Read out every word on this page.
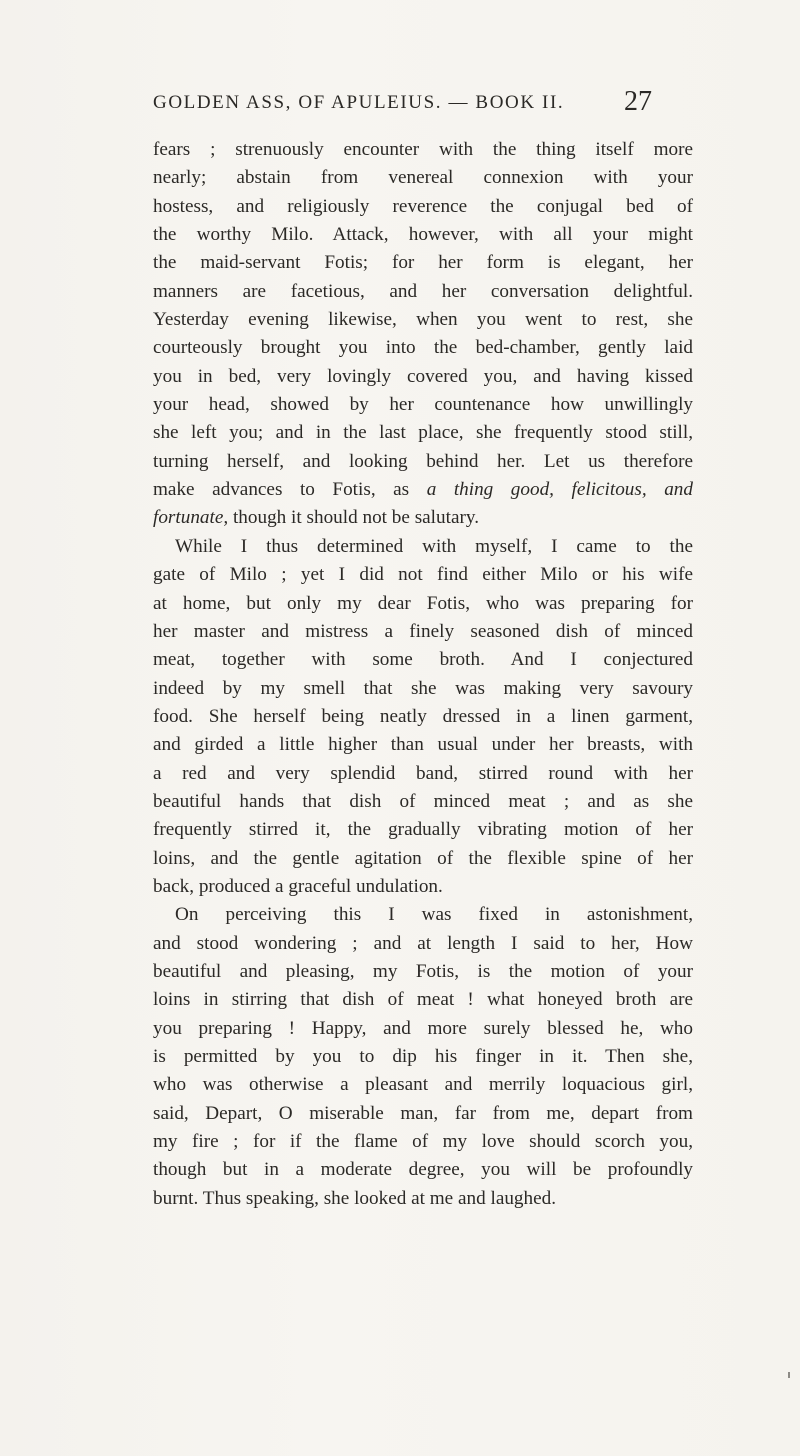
GOLDEN ASS, OF APULEIUS. — BOOK II. 27
fears ; strenuously encounter with the thing itself more
nearly; abstain from venereal connexion with your
hostess, and religiously reverence the conjugal bed of
the worthy Milo. Attack, however, with all your might
the maid-servant Fotis; for her form is elegant, her
manners are facetious, and her conversation delightful.
Yesterday evening likewise, when you went to rest, she
courteously brought you into the bed-chamber, gently laid
you in bed, very lovingly covered you, and having kissed
your head, showed by her countenance how unwillingly
she left you; and in the last place, she frequently stood still,
turning herself, and looking behind her. Let us therefore
make advances to Fotis, as a thing good, felicitous, and
fortunate, though it should not be salutary.
While I thus determined with myself, I came to the
gate of Milo ; yet I did not find either Milo or his wife
at home, but only my dear Fotis, who was preparing for
her master and mistress a finely seasoned dish of minced
meat, together with some broth. And I conjectured
indeed by my smell that she was making very savoury
food. She herself being neatly dressed in a linen garment,
and girded a little higher than usual under her breasts, with
a red and very splendid band, stirred round with her
beautiful hands that dish of minced meat ; and as she
frequently stirred it, the gradually vibrating motion of her
loins, and the gentle agitation of the flexible spine of her
back, produced a graceful undulation.
On perceiving this I was fixed in astonishment,
and stood wondering ; and at length I said to her, How
beautiful and pleasing, my Fotis, is the motion of your
loins in stirring that dish of meat ! what honeyed broth are
you preparing ! Happy, and more surely blessed he, who
is permitted by you to dip his finger in it. Then she,
who was otherwise a pleasant and merrily loquacious girl,
said, Depart, O miserable man, far from me, depart from
my fire ; for if the flame of my love should scorch you,
though but in a moderate degree, you will be profoundly
burnt. Thus speaking, she looked at me and laughed.
